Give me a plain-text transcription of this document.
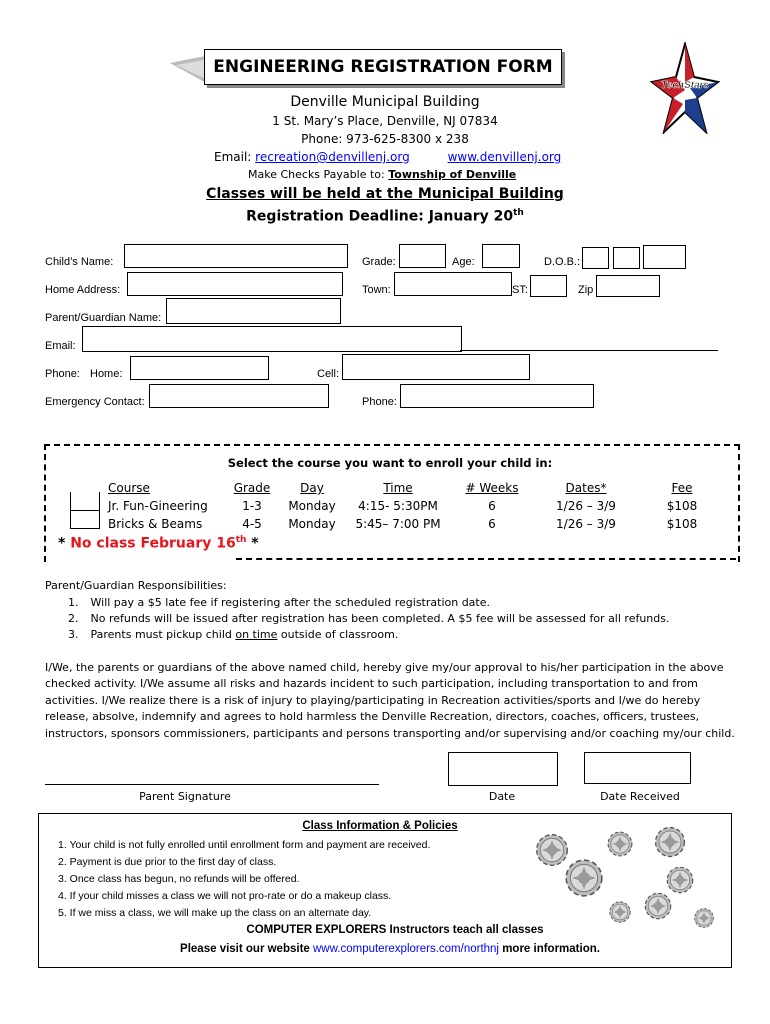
ENGINEERING REGISTRATION FORM
TechStars
Denville Municipal Building
1 St. Mary’s Place, Denville, NJ 07834
Phone: 973-625-8300 x 238
Email: recreation@denvillenj.org	www.denvillenj.org
Make Checks Payable to: Township of Denville
Classes will be held at the Municipal Building
Registration Deadline: January 20th
Child’s Name:	Grade:	Age:	D.O.B.:
Home Address:	Town:	ST:	Zip
Parent/Guardian Name:
Email:
Phone: Home:	Cell:
Emergency Contact:	Phone:
Select the course you want to enroll your child in:
Course	Grade	Day	Time	# Weeks	Dates*	Fee
Jr. Fun-Gineering	1-3	Monday	4:15- 5:30PM	6	1/26 – 3/9	$108
Bricks & Beams	4-5	Monday	5:45– 7:00 PM	6	1/26 – 3/9	$108
* No class February 16th *
Parent/Guardian Responsibilities:
1. Will pay a $5 late fee if registering after the scheduled registration date.
2. No refunds will be issued after registration has been completed. A $5 fee will be assessed for all refunds.
3. Parents must pickup child on time outside of classroom.
I/We, the parents or guardians of the above named child, hereby give my/our approval to his/her participation in the above
checked activity. I/We assume all risks and hazards incident to such participation, including transportation to and from
activities. I/We realize there is a risk of injury to playing/participating in Recreation activities/sports and I/we do hereby
release, absolve, indemnify and agrees to hold harmless the Denville Recreation, directors, coaches, officers, trustees,
instructors, sponsors commissioners, participants and persons transporting and/or supervising and/or coaching my/our child.
Parent Signature	Date	Date Received
Class Information & Policies
1. Your child is not fully enrolled until enrollment form and payment are received.
2. Payment is due prior to the first day of class.
3. Once class has begun, no refunds will be offered.
4. If your child misses a class we will not pro-rate or do a makeup class.
5. If we miss a class, we will make up the class on an alternate day.
COMPUTER EXPLORERS Instructors teach all classes
Please visit our website www.computerexplorers.com/northnj more information.
